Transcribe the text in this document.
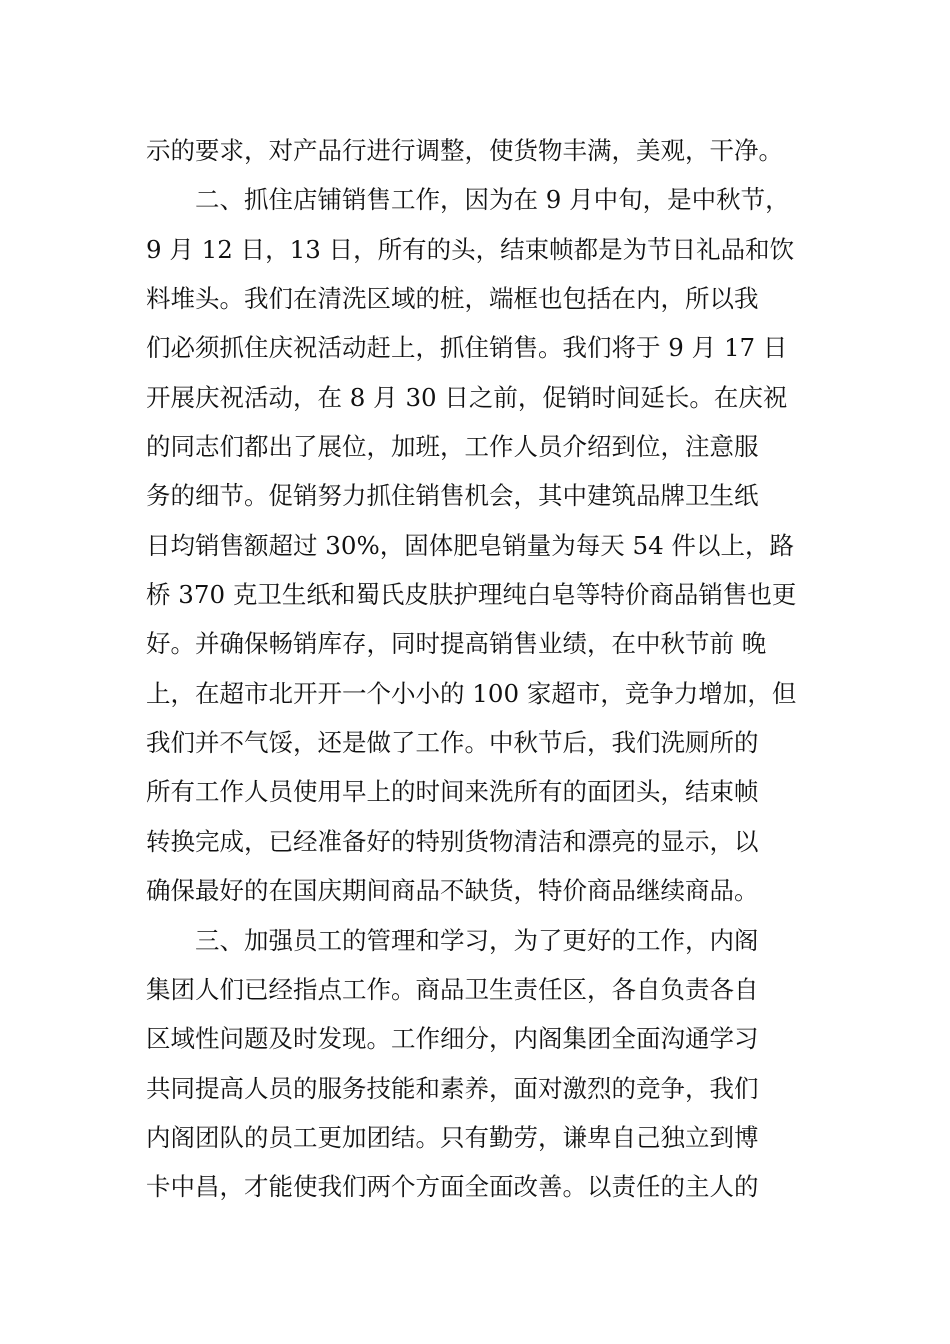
示的要求，对产品行进行调整，使货物丰满，美观，干净。
二、抓住店铺销售工作，因为在 9 月中旬，是中秋节，
9 月 12 日，13 日，所有的头，结束帧都是为节日礼品和饮
料堆头。我们在清洗区域的桩，端框也包括在内，所以我
们必须抓住庆祝活动赶上，抓住销售。我们将于 9 月 17 日
开展庆祝活动，在 8 月 30 日之前，促销时间延长。在庆祝
的同志们都出了展位，加班，工作人员介绍到位，注意服
务的细节。促销努力抓住销售机会，其中建筑品牌卫生纸
日均销售额超过 30%，固体肥皂销量为每天 54 件以上，路
桥 370 克卫生纸和蜀氏皮肤护理纯白皂等特价商品销售也更
好。并确保畅销库存，同时提高销售业绩，在中秋节前 晚
上，在超市北开开一个小小的 100 家超市，竞争力增加，但
我们并不气馁，还是做了工作。中秋节后，我们洗厕所的
所有工作人员使用早上的时间来洗所有的面团头，结束帧
转换完成，已经准备好的特别货物清洁和漂亮的显示，以
确保最好的在国庆期间商品不缺货，特价商品继续商品。
三、加强员工的管理和学习，为了更好的工作，内阁
集团人们已经指点工作。商品卫生责任区，各自负责各自
区域性问题及时发现。工作细分，内阁集团全面沟通学习
共同提高人员的服务技能和素养，面对激烈的竞争，我们
内阁团队的员工更加团结。只有勤劳，谦卑自己独立到博
卡中昌，才能使我们两个方面全面改善。以责任的主人的
